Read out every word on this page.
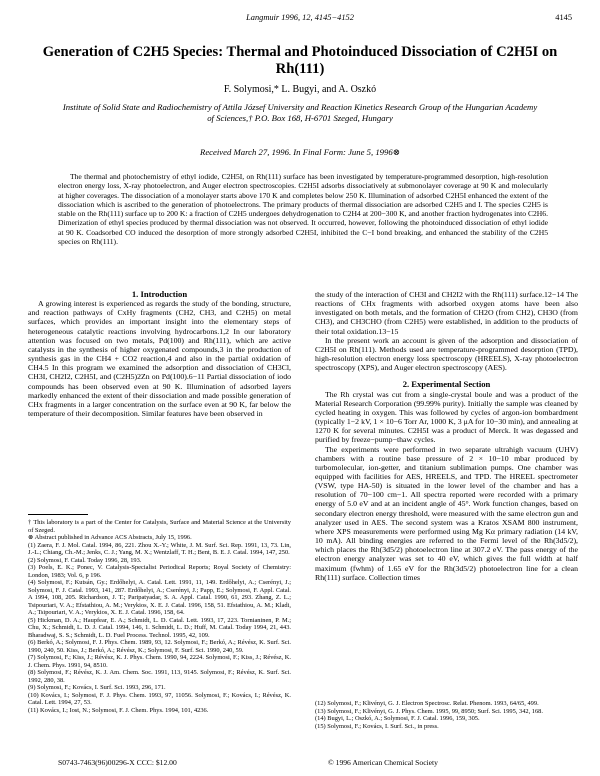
Langmuir 1996, 12, 4145−4152	4145
Generation of C2H5 Species: Thermal and Photoinduced Dissociation of C2H5I on Rh(111)
F. Solymosi,* L. Bugyi, and A. Oszkó
Institute of Solid State and Radiochemistry of Attila József University and Reaction Kinetics Research Group of the Hungarian Academy of Sciences,† P.O. Box 168, H-6701 Szeged, Hungary
Received March 27, 1996. In Final Form: June 5, 1996⊗
The thermal and photochemistry of ethyl iodide, C2H5I, on Rh(111) surface has been investigated by temperature-programmed desorption, high-resolution electron energy loss, X-ray photoelectron, and Auger electron spectroscopies. C2H5I adsorbs dissociatively at submonolayer coverage at 90 K and molecularly at higher coverages. The dissociation of a monolayer starts above 170 K and completes below 250 K. Illumination of adsorbed C2H5I enhanced the extent of the dissociation which is ascribed to the generation of photoelectrons. The primary products of thermal dissociation are adsorbed C2H5 and I. The species C2H5 is stable on the Rh(111) surface up to 200 K: a fraction of C2H5 undergoes dehydrogenation to C2H4 at 200−300 K, and another fraction hydrogenates into C2H6. Dimerization of ethyl species produced by thermal dissociation was not observed. It occurred, however, following the photoinduced dissociation of ethyl iodide at 90 K. Coadsorbed CO induced the desorption of more strongly adsorbed C2H5I, inhibited the C−I bond breaking, and enhanced the stability of the C2H5 species on Rh(111).

1. Introduction

A growing interest is experienced as regards the study of the bonding, structure, and reaction pathways of CxHy fragments (CH2, CH3, and C2H5) on metal surfaces, which provides an important insight into the elementary steps of heterogeneous catalytic reactions involving hydrocarbons.1,2 In our laboratory attention was focused on two metals, Pd(100) and Rh(111), which are active catalysts in the synthesis of higher oxygenated compounds,3 in the production of synthesis gas in the CH4 + CO2 reaction,4 and also in the partial oxidation of CH4.5 In this program we examined the adsorption and dissociation of CH3Cl, CH3I, CH2I2, C2H5I, and (C2H5)2Zn on Pd(100).6−11 Partial dissociation of iodo compounds has been observed even at 90 K. Illumination of adsorbed layers markedly enhanced the extent of their dissociation and made possible generation of CHx fragments in a larger concentration on the surface even at 90 K, far below the temperature of their decomposition. Similar features have been observed in

† This laboratory is a part of the Center for Catalysis, Surface and Material Science at the University of Szeged.

⊗ Abstract published in Advance ACS Abstracts, July 15, 1996.

(1) Zaera, F. J. Mol. Catal. 1994, 86, 221. Zhou X.-Y.; White, J. M. Surf. Sci. Rep. 1991, 13, 73. Lin, J.-L.; Chiang, Ch.-M.; Jenks, C. J.; Yang, M. X.; Wentzlaff, T. H.; Bent, B. E. J. Catal. 1994, 147, 250.

(2) Solymosi, F. Catal. Today 1996, 28, 193.

(3) Poels, E. K.; Ponec, V. Catalysis-Specialist Periodical Reports; Royal Society of Chemistry: London, 1983; Vol. 6, p 196.

(4) Solymosi, F.; Kutsán, Gy.; Erdőhelyi, A. Catal. Lett. 1991, 11, 149. Erdőhelyi, A.; Cserényi, J.; Solymosi, F. J. Catal. 1993, 141, 287. Erdőhelyi, A.; Cserényi, J.; Papp, E.; Solymosi, F. Appl. Catal. A 1994, 108, 205. Richardson, J. T.; Paripatyadar, S. A. Appl. Catal. 1990, 61, 293. Zhang, Z. L.; Tsipouriari, V. A.; Efstathiou, A. M.; Verykios, X. E. J. Catal. 1996, 158, 51. Efstathiou, A. M.; Kladi, A.; Tsipouriari, V. A.; Verykios, X. E. J. Catal. 1996, 158, 64.

(5) Hickman, D. A.; Haupfear, E. A.; Schmidt, L. D. Catal. Lett. 1993, 17, 223. Tornianinen, P. M.; Chu, X.; Schmidt, L. D. J. Catal. 1994, 146, 1. Schmidt, L. D.; Huff, M. Catal. Today 1994, 21, 443. Bharadwaj, S. S.; Schmidt, L. D. Fuel Process. Technol. 1995, 42, 109.

(6) Berkó, A.; Solymosi, F. J. Phys. Chem. 1989, 93, 12. Solymosi, F.; Berkó, A.; Révész, K. Surf. Sci. 1990, 240, 50. Kiss, J.; Berkó, A.; Révész, K.; Solymosi, F. Surf. Sci. 1990, 240, 59.

(7) Solymosi, F.; Kiss, J.; Révész, K. J. Phys. Chem. 1990, 94, 2224. Solymosi, F.; Kiss, J.; Révész, K. J. Chem. Phys. 1991, 94, 8510.

(8) Solymosi, F.; Révész, K. J. Am. Chem. Soc. 1991, 113, 9145. Solymosi, F.; Révész, K. Surf. Sci. 1992, 280, 38.

(9) Solymosi, F.; Kovács, I. Surf. Sci. 1993, 296, 171.

(10) Kovács, I.; Solymosi, F. J. Phys. Chem. 1993, 97, 11056. Solymosi, F.; Kovács, I.; Révész, K. Catal. Lett. 1994, 27, 53.

(11) Kovács, I.; Iost, N.; Solymosi, F. J. Chem. Phys. 1994, 101, 4236.

the study of the interaction of CH3I and CH2I2 with the Rh(111) surface.12−14 The reactions of CHx fragments with adsorbed oxygen atoms have been also investigated on both metals, and the formation of CH2O (from CH2), CH3O (from CH3), and CH3CHO (from C2H5) were established, in addition to the products of their total oxidation.13−15

In the present work an account is given of the adsorption and dissociation of C2H5I on Rh(111). Methods used are temperature-programmed desorption (TPD), high-resolution electron energy loss spectroscopy (HREELS), X-ray photoelectron spectroscopy (XPS), and Auger electron spectroscopy (AES).

2. Experimental Section

The Rh crystal was cut from a single-crystal boule and was a product of the Material Research Corporation (99.99% purity). Initially the sample was cleaned by cycled heating in oxygen. This was followed by cycles of argon-ion bombardment (typically 1−2 kV, 1 × 10−6 Torr Ar, 1000 K, 3 μA for 10−30 min), and annealing at 1270 K for several minutes. C2H5I was a product of Merck. It was degassed and purified by freeze−pump−thaw cycles.

The experiments were performed in two separate ultrahigh vacuum (UHV) chambers with a routine base pressure of 2 × 10−10 mbar produced by turbomolecular, ion-getter, and titanium sublimation pumps. One chamber was equipped with facilities for AES, HREELS, and TPD. The HREEL spectrometer (VSW, type HA-50) is situated in the lower level of the chamber and has a resolution of 70−100 cm−1. All spectra reported were recorded with a primary energy of 5.0 eV and at an incident angle of 45°. Work function changes, based on secondary electron energy threshold, were measured with the same electron gun and analyzer used in AES. The second system was a Kratos XSAM 800 instrument, where XPS measurements were performed using Mg Kα primary radiation (14 kV, 10 mA). All binding energies are referred to the Fermi level of the Rh(3d5/2), which places the Rh(3d5/2) photoelectron line at 307.2 eV. The pass energy of the electron energy analyzer was set to 40 eV, which gives the full width at half maximum (fwhm) of 1.65 eV for the Rh(3d5/2) photoelectron line for a clean Rh(111) surface. Collection times

(12) Solymosi, F.; Klivényi, G. J. Electron Spectrosc. Relat. Phenom. 1993, 64/65, 499.

(13) Solymosi, F.; Klivényi, G. J. Phys. Chem. 1995, 99, 8950; Surf. Sci. 1995, 342, 168.

(14) Bugyi, L.; Oszkó, A.; Solymosi, F. J. Catal. 1996, 159, 305.

(15) Solymosi, F.; Kovács, I. Surf. Sci., in press.

S0743-7463(96)00296-X CCC: $12.00	© 1996 American Chemical Society
